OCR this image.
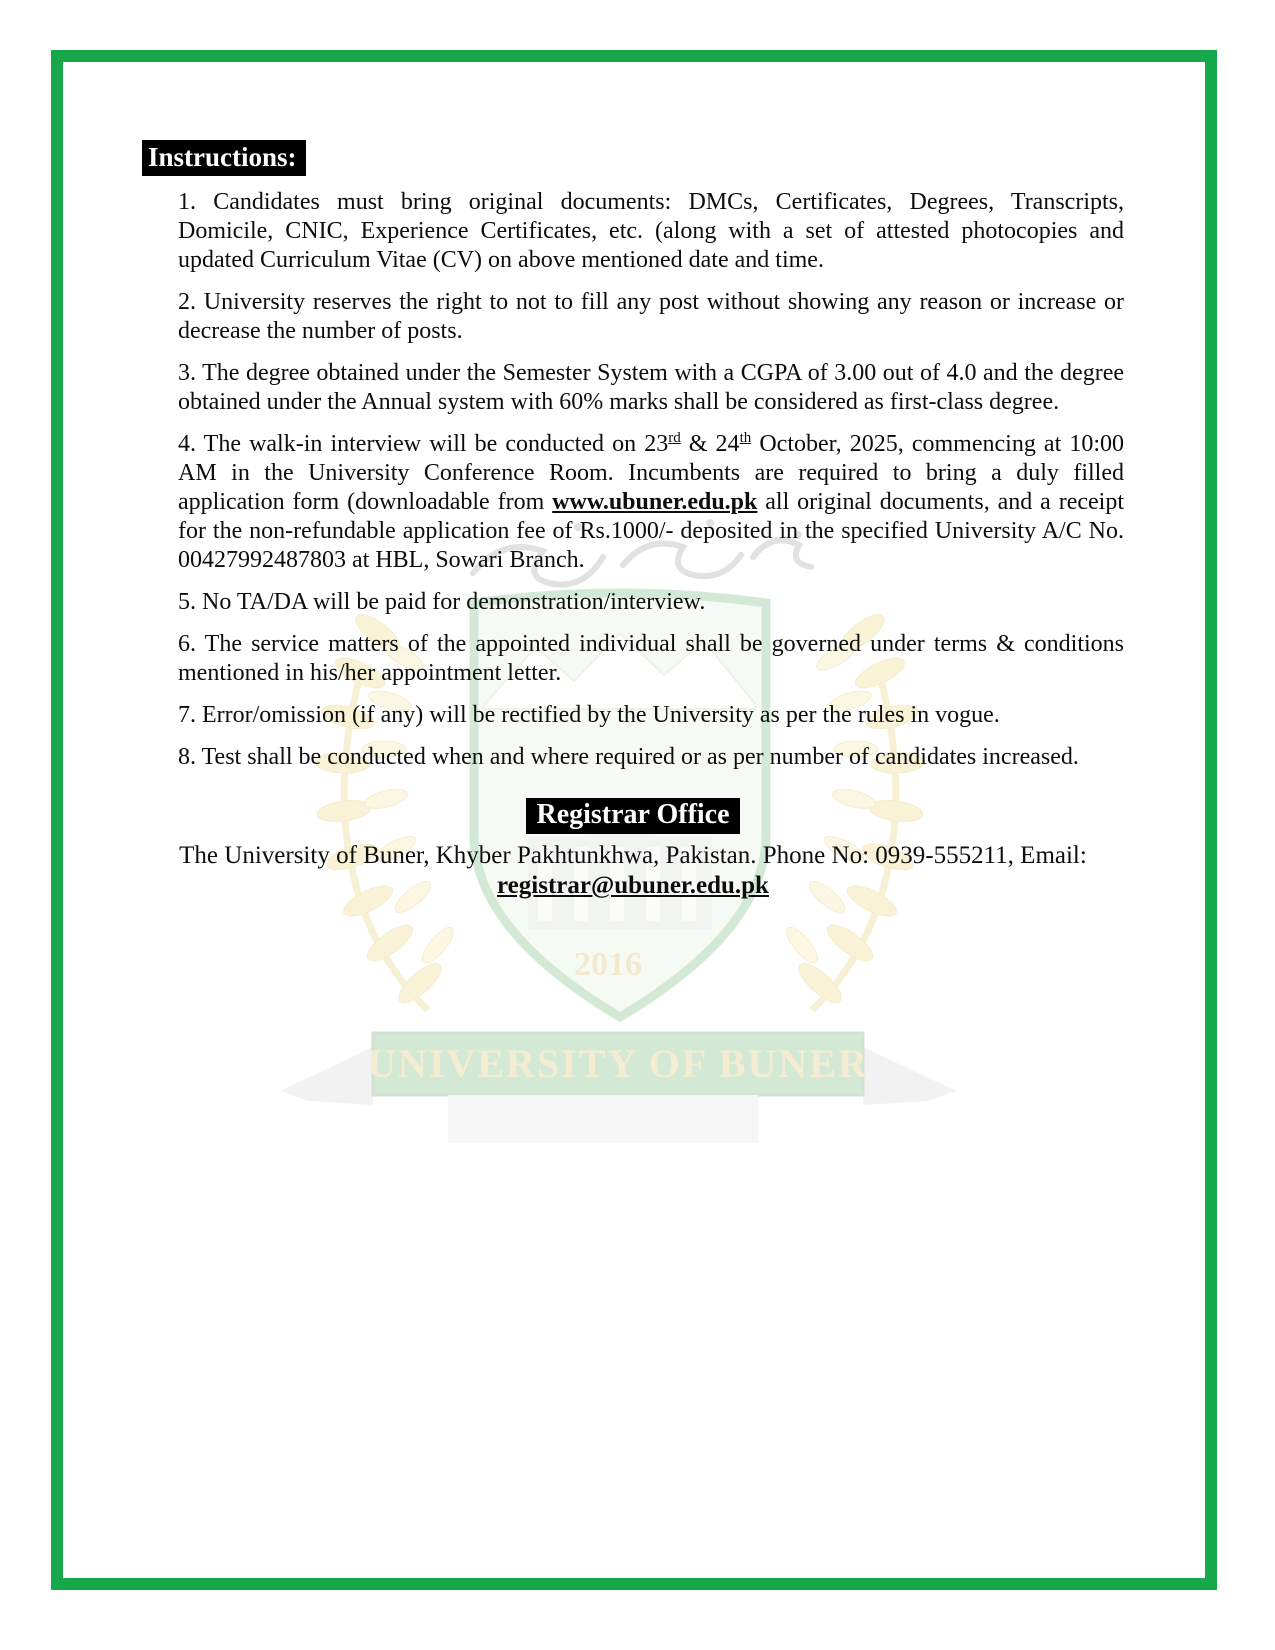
2016
UNIVERSITY OF BUNER
Instructions:

1. Candidates must bring original documents: DMCs, Certificates, Degrees, Transcripts, Domicile, CNIC, Experience Certificates, etc. (along with a set of attested photocopies and updated Curriculum Vitae (CV) on above mentioned date and time.

2. University reserves the right to not to fill any post without showing any reason or increase or decrease the number of posts.

3. The degree obtained under the Semester System with a CGPA of 3.00 out of 4.0 and the degree obtained under the Annual system with 60% marks shall be considered as first-class degree.

4. The walk-in interview will be conducted on 23rd & 24th October, 2025, commencing at 10:00 AM in the University Conference Room. Incumbents are required to bring a duly filled application form (downloadable from www.ubuner.edu.pk all original documents, and a receipt for the non-refundable application fee of Rs.1000/- deposited in the specified University A/C No. 00427992487803 at HBL, Sowari Branch.

5. No TA/DA will be paid for demonstration/interview.

6. The service matters of the appointed individual shall be governed under terms & conditions mentioned in his/her appointment letter.

7. Error/omission (if any) will be rectified by the University as per the rules in vogue.

8. Test shall be conducted when and where required or as per number of candidates increased.

Registrar Office
The University of Buner, Khyber Pakhtunkhwa, Pakistan. Phone No: 0939-555211, Email:
registrar@ubuner.edu.pk
